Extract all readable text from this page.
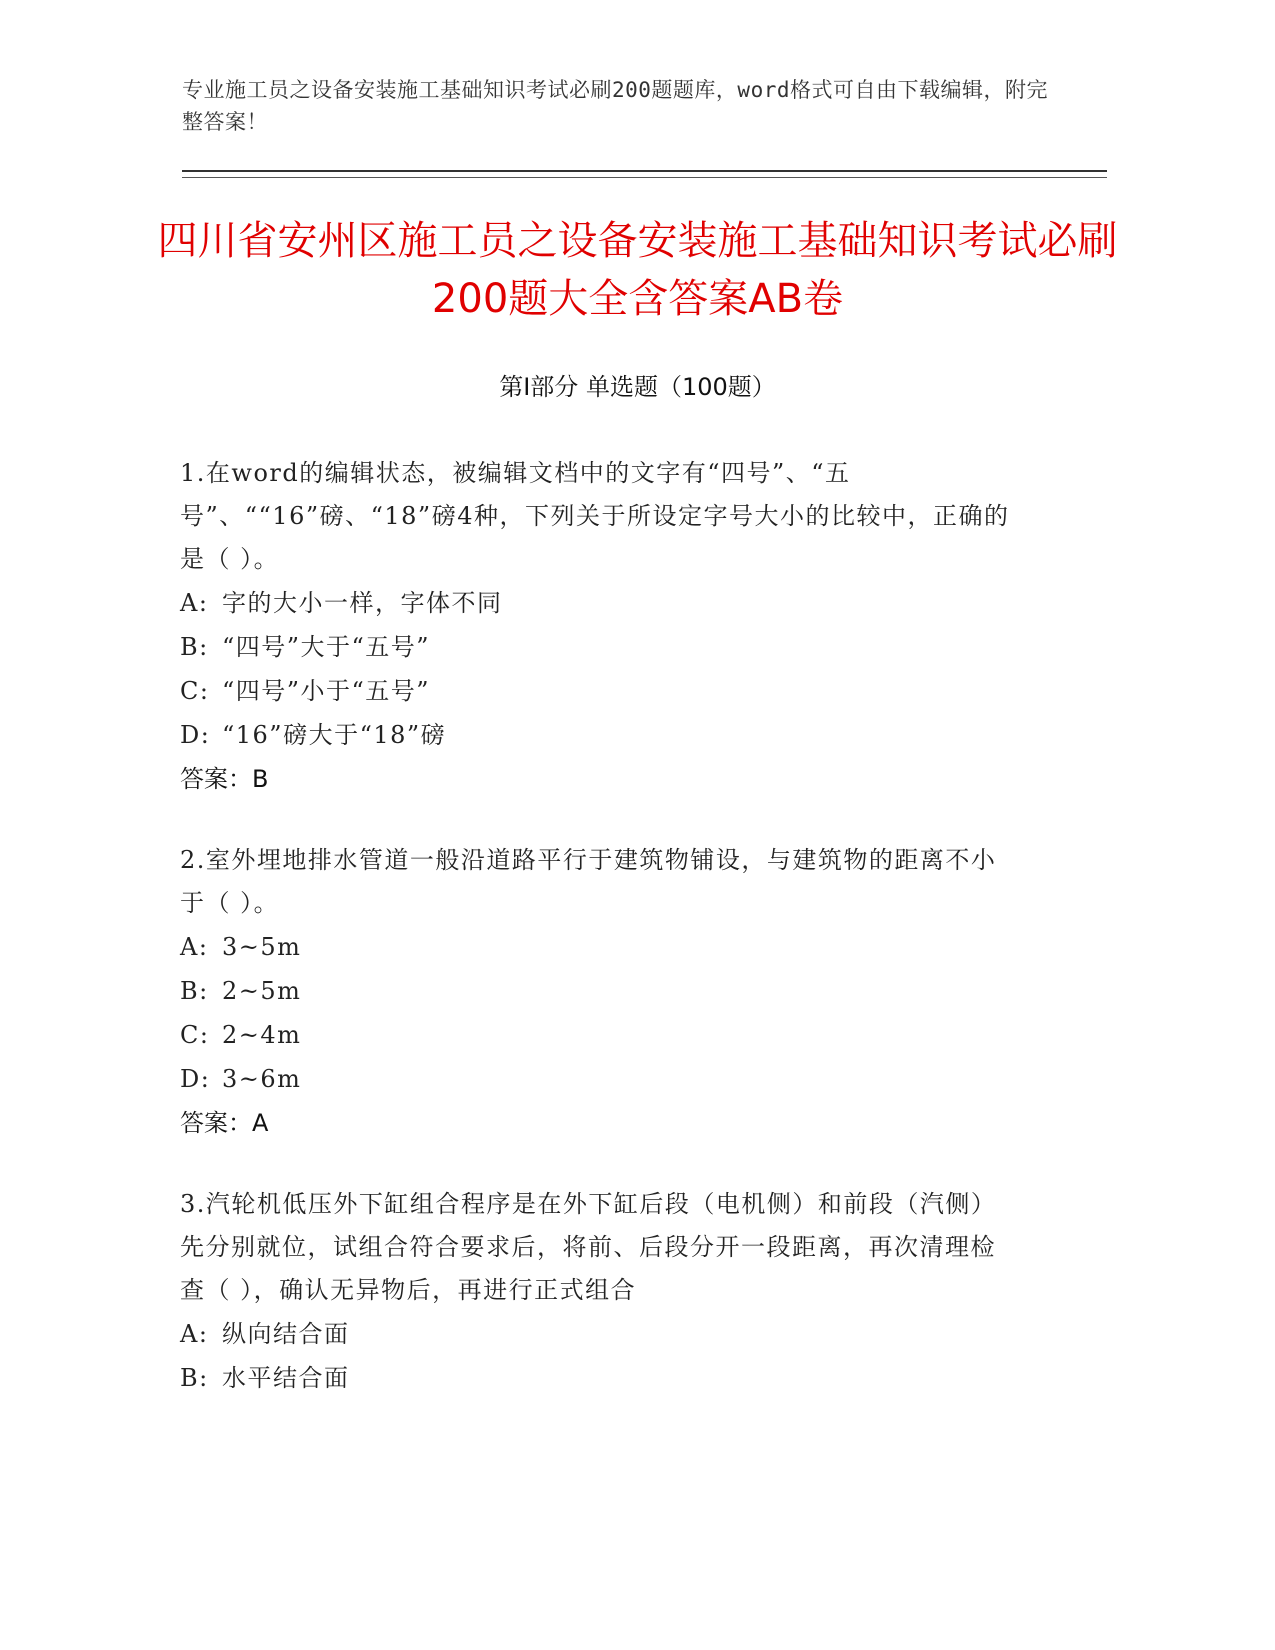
专业施工员之设备安装施工基础知识考试必刷200题题库，word格式可自由下载编辑，附完整答案！
四川省安州区施工员之设备安装施工基础知识考试必刷200题大全含答案AB卷
第Ⅰ部分 单选题（100题）
1.在word的编辑状态，被编辑文档中的文字有“四号”、“五号”、““16”磅、“18”磅4种，下列关于所设定字号大小的比较中，正确的是（ ）。
A: 字的大小一样，字体不同
B: “四号”大于“五号”
C: “四号”小于“五号”
D: “16”磅大于“18”磅
答案：B
2.室外埋地排水管道一般沿道路平行于建筑物铺设，与建筑物的距离不小于（ ）。
A: 3~5m
B: 2~5m
C: 2~4m
D: 3~6m
答案：A
3.汽轮机低压外下缸组合程序是在外下缸后段（电机侧）和前段（汽侧）先分别就位，试组合符合要求后，将前、后段分开一段距离，再次清理检查（ ），确认无异物后，再进行正式组合
A: 纵向结合面
B: 水平结合面
